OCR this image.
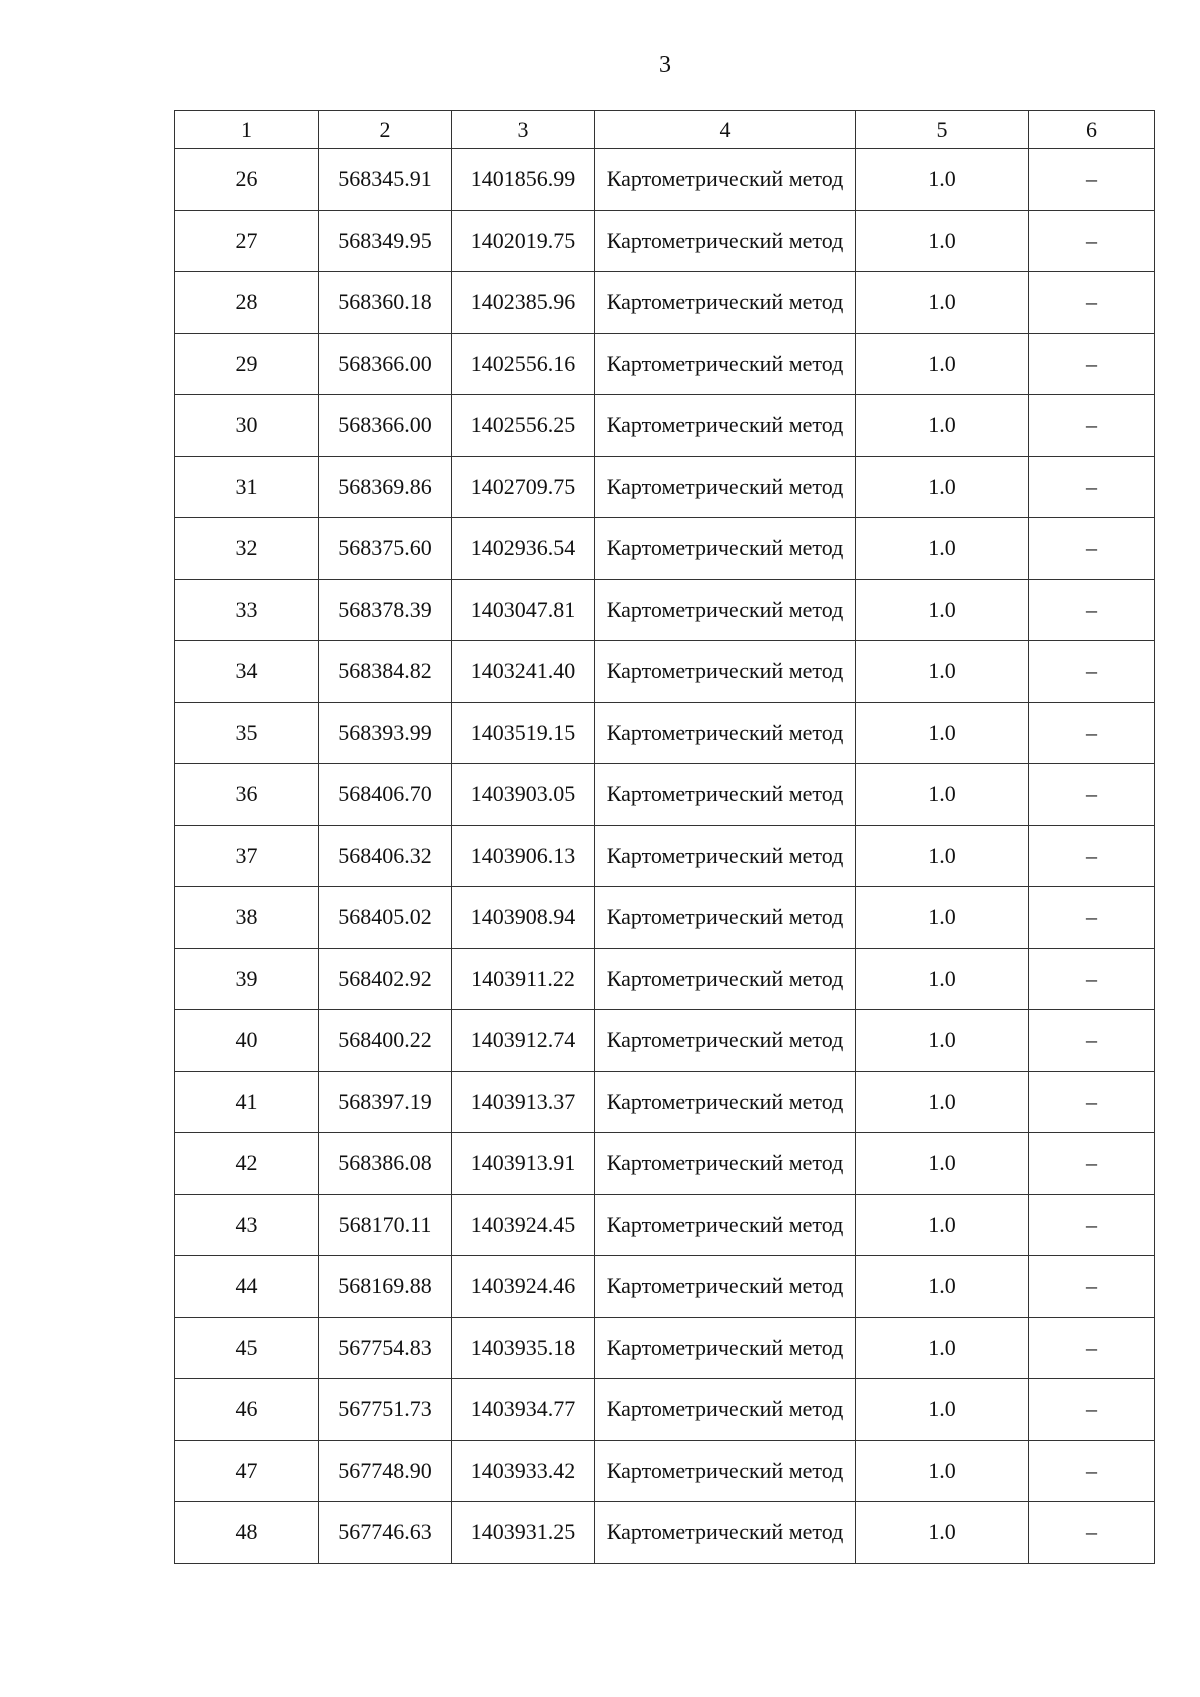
3
1	2	3	4	5	6
26	568345.91	1401856.99	Картометрический метод	1.0	–
27	568349.95	1402019.75	Картометрический метод	1.0	–
28	568360.18	1402385.96	Картометрический метод	1.0	–
29	568366.00	1402556.16	Картометрический метод	1.0	–
30	568366.00	1402556.25	Картометрический метод	1.0	–
31	568369.86	1402709.75	Картометрический метод	1.0	–
32	568375.60	1402936.54	Картометрический метод	1.0	–
33	568378.39	1403047.81	Картометрический метод	1.0	–
34	568384.82	1403241.40	Картометрический метод	1.0	–
35	568393.99	1403519.15	Картометрический метод	1.0	–
36	568406.70	1403903.05	Картометрический метод	1.0	–
37	568406.32	1403906.13	Картометрический метод	1.0	–
38	568405.02	1403908.94	Картометрический метод	1.0	–
39	568402.92	1403911.22	Картометрический метод	1.0	–
40	568400.22	1403912.74	Картометрический метод	1.0	–
41	568397.19	1403913.37	Картометрический метод	1.0	–
42	568386.08	1403913.91	Картометрический метод	1.0	–
43	568170.11	1403924.45	Картометрический метод	1.0	–
44	568169.88	1403924.46	Картометрический метод	1.0	–
45	567754.83	1403935.18	Картометрический метод	1.0	–
46	567751.73	1403934.77	Картометрический метод	1.0	–
47	567748.90	1403933.42	Картометрический метод	1.0	–
48	567746.63	1403931.25	Картометрический метод	1.0	–
